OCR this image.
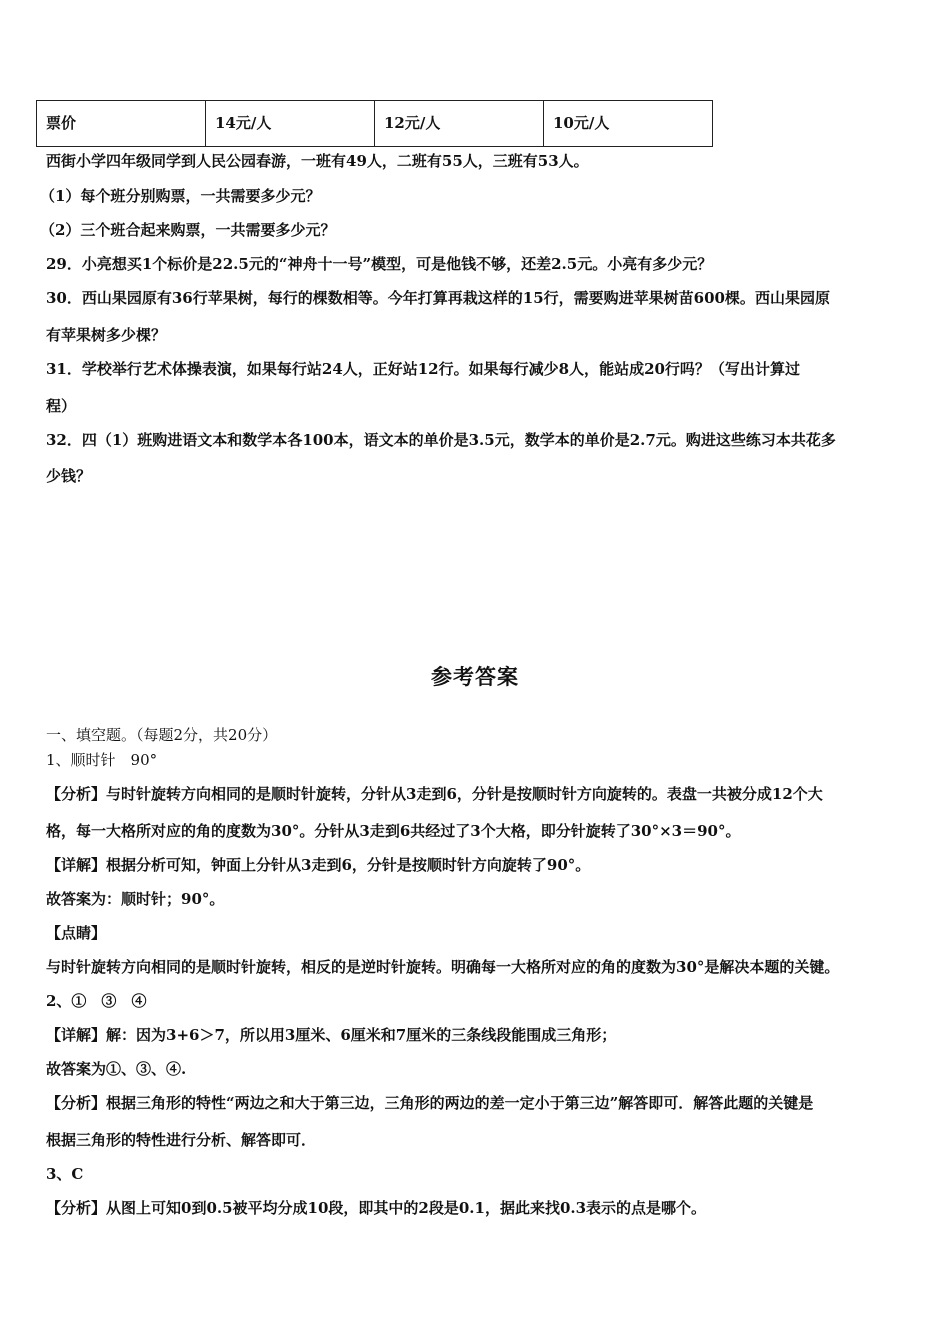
票价	14元/人	12元/人	10元/人
西街小学四年级同学到人民公园春游，一班有49人，二班有55人，三班有53人。
（1）每个班分别购票，一共需要多少元？
（2）三个班合起来购票，一共需要多少元？
29．小亮想买1个标价是22.5元的“神舟十一号”模型，可是他钱不够，还差2.5元。小亮有多少元？
30．西山果园原有36行苹果树，每行的棵数相等。今年打算再栽这样的15行，需要购进苹果树苗600棵。西山果园原
有苹果树多少棵？
31．学校举行艺术体操表演，如果每行站24人，正好站12行。如果每行减少8人，能站成20行吗？（写出计算过
程）
32．四（1）班购进语文本和数学本各100本，语文本的单价是3.5元，数学本的单价是2.7元。购进这些练习本共花多
少钱？
参考答案
一、填空题。（每题2分，共20分）
1、顺时针　90°
【分析】与时针旋转方向相同的是顺时针旋转，分针从3走到6，分针是按顺时针方向旋转的。表盘一共被分成12个大
格，每一大格所对应的角的度数为30°。分针从3走到6共经过了3个大格，即分针旋转了30°×3＝90°。
【详解】根据分析可知，钟面上分针从3走到6，分针是按顺时针方向旋转了90°。
故答案为：顺时针；90°。
【点睛】
与时针旋转方向相同的是顺时针旋转，相反的是逆时针旋转。明确每一大格所对应的角的度数为30°是解决本题的关键。
2、①　③　④
【详解】解：因为3+6＞7，所以用3厘米、6厘米和7厘米的三条线段能围成三角形；
故答案为①、③、④.
【分析】根据三角形的特性“两边之和大于第三边，三角形的两边的差一定小于第三边”解答即可．解答此题的关键是
根据三角形的特性进行分析、解答即可．
3、C
【分析】从图上可知0到0.5被平均分成10段，即其中的2段是0.1，据此来找0.3表示的点是哪个。
